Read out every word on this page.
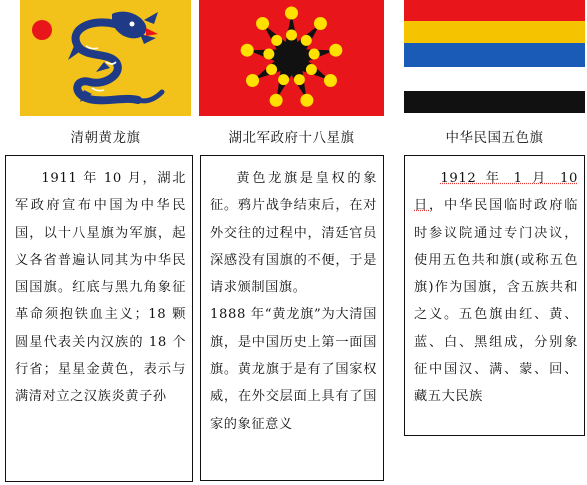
清朝黄龙旗	湖北军政府十八星旗	中华民国五色旗

1911 年 10 月，湖北军政府宣布中国为中华民国，以十八星旗为军旗，起义各省普遍认同其为中华民国国旗。红底与黑九角象征革命须抱铁血主义；18 颗圆星代表关内汉族的 18 个行省；星星金黄色，表示与满清对立之汉族炎黄子孙

黄色龙旗是皇权的象征。鸦片战争结束后，在对外交往的过程中，清廷官员深感没有国旗的不便，于是请求颁制国旗。

1888 年“黄龙旗”为大清国旗，是中国历史上第一面国旗。黄龙旗于是有了国家权威，在外交层面上具有了国家的象征意义

1912 年 1 月 10 日，中华民国临时政府临时参议院通过专门决议，使用五色共和旗(或称五色旗)作为国旗，含五族共和之义。五色旗由红、黄、蓝、白、黑组成，分别象征中国汉、满、蒙、回、藏五大民族
